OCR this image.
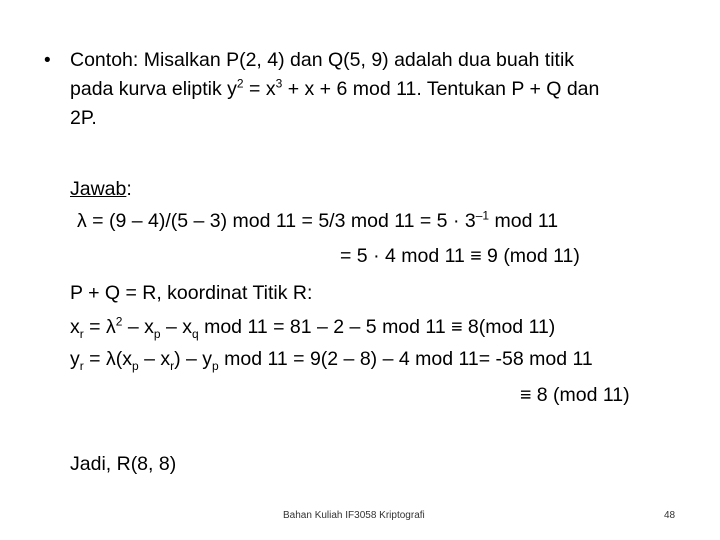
• Contoh: Misalkan P(2, 4) dan Q(5, 9) adalah dua buah titik
pada kurva eliptik $y^2 = x^3 + x + 6$ mod 11. Tentukan P + Q dan
2P.
Jawab:
λ = (9 – 4)/(5 – 3) mod 11 = 5/3 mod $11 = 5 \cdot 3^{-1}$ mod 11
= 5 · 4 mod 11 ≡ 9 (mod 11)
P + Q = R, koordinat Titik R:
$x_r = \lambda^2 - x_p - x_q$ mod 11 = 81 – 2 – 5 mod 11 ≡ 8(mod 11)
$y_r = \lambda(x_p - x_r) - y_p$ mod 11 = 9(2 – 8) – 4 mod 11= -58 mod 11
≡ 8 (mod 11)
Jadi, R(8, 8)
Bahan Kuliah IF3058 Kriptografi	48
